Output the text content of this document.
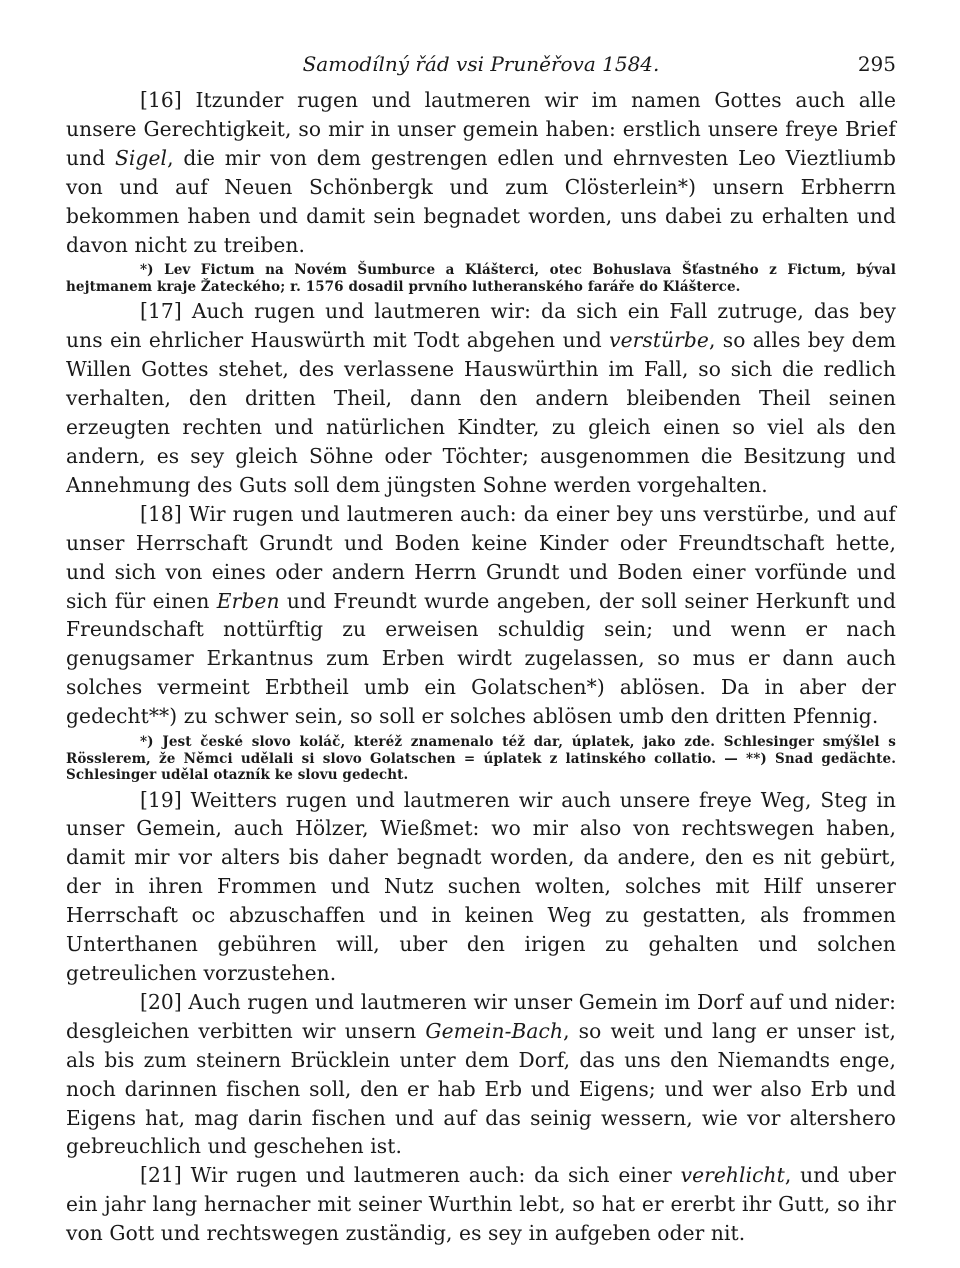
Samodílný řád vsi Pruněřova 1584.	295

[16] Itzunder rugen und lautmeren wir im namen Gottes auch alle unsere Gerechtigkeit, so mir in unser gemein haben: erstlich unsere freye Brief und Sigel, die mir von dem gestrengen edlen und ehrnvesten Leo Vieztliumb von und auf Neuen Schönbergk und zum Clösterlein*) unsern Erbherrn bekommen haben und damit sein begnadet worden, uns dabei zu erhalten und davon nicht zu treiben.

*) Lev Fictum na Novém Šumburce a Klášterci, otec Bohuslava Šťastného z Fictum, býval hejtmanem kraje Žateckého; r. 1576 dosadil prvního lutheranského faráře do Klášterce.

[17] Auch rugen und lautmeren wir: da sich ein Fall zutruge, das bey uns ein ehrlicher Hauswürth mit Todt abgehen und verstürbe, so alles bey dem Willen Gottes stehet, des verlassene Hauswürthin im Fall, so sich die redlich verhalten, den dritten Theil, dann den andern bleibenden Theil seinen erzeugten rechten und natürlichen Kindter, zu gleich einen so viel als den andern, es sey gleich Söhne oder Töchter; ausgenommen die Besitzung und Annehmung des Guts soll dem jüngsten Sohne werden vorgehalten.

[18] Wir rugen und lautmeren auch: da einer bey uns verstürbe, und auf unser Herrschaft Grundt und Boden keine Kinder oder Freundtschaft hette, und sich von eines oder andern Herrn Grundt und Boden einer vorfünde und sich für einen Erben und Freundt wurde angeben, der soll seiner Herkunft und Freundschaft nottürftig zu erweisen schuldig sein; und wenn er nach genugsamer Erkantnus zum Erben wirdt zugelassen, so mus er dann auch solches vermeint Erbtheil umb ein Golatschen*) ablösen. Da in aber der gedecht**) zu schwer sein, so soll er solches ablösen umb den dritten Pfennig.

*) Jest české slovo koláč, kteréž znamenalo též dar, úplatek, jako zde. Schlesinger smýšlel s Rösslerem, že Němci udělali si slovo Golatschen = úplatek z latinského collatio. — **) Snad gedächte. Schlesinger udělal otazník ke slovu gedecht.

[19] Weitters rugen und lautmeren wir auch unsere freye Weg, Steg in unser Gemein, auch Hölzer, Wießmet: wo mir also von rechtswegen haben, damit mir vor alters bis daher begnadt worden, da andere, den es nit gebürt, der in ihren Frommen und Nutz suchen wolten, solches mit Hilf unserer Herrschaft oc abzuschaffen und in keinen Weg zu gestatten, als frommen Unterthanen gebühren will, uber den irigen zu gehalten und solchen getreulichen vorzustehen.

[20] Auch rugen und lautmeren wir unser Gemein im Dorf auf und nider: desgleichen verbitten wir unsern Gemein-Bach, so weit und lang er unser ist, als bis zum steinern Brücklein unter dem Dorf, das uns den Niemandts enge, noch darinnen fischen soll, den er hab Erb und Eigens; und wer also Erb und Eigens hat, mag darin fischen und auf das seinig wessern, wie vor altershero gebreuchlich und geschehen ist.

[21] Wir rugen und lautmeren auch: da sich einer verehlicht, und uber ein jahr lang hernacher mit seiner Wurthin lebt, so hat er ererbt ihr Gutt, so ihr von Gott und rechtswegen zuständig, es sey in aufgeben oder nit.
